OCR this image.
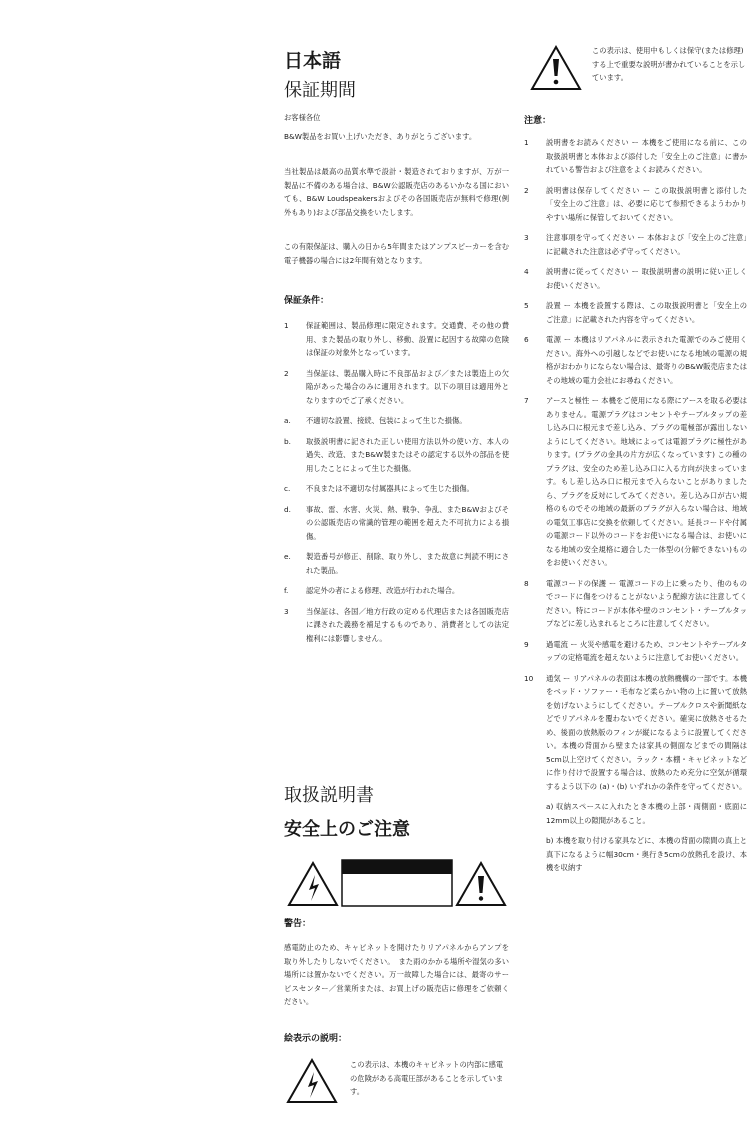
日本語
保証期間
お客様各位
B&W製品をお買い上げいただき、ありがとうございます。
当社製品は最高の品質水準で設計・製造されておりますが、万が一製品に不備のある場合は、B&W公認販売店のあるいかなる国においても、B&W Loudspeakersおよびその各国販売店が無料で修理(例外もあり)および部品交換をいたします。
この有限保証は、購入の日から5年間またはアンプスピーカーを含む電子機器の場合には2年間有効となります。
保証条件：
1	保証範囲は、製品修理に限定されます。交通費、その他の費用、また製品の取り外し、移動、設置に起因する故障の危険は保証の対象外となっています。
2	当保証は、製品購入時に不良部品および／または製造上の欠陥があった場合のみに適用されます。以下の項目は適用外となりますのでご了承ください。
a.	不適切な設置、接続、包装によって生じた損傷。
b.	取扱説明書に記された正しい使用方法以外の使い方、本人の過失、改造、またB&W製またはその認定する以外の部品を使用したことによって生じた損傷。
c.	不良または不適切な付属器具によって生じた損傷。
d.	事故、雷、水害、火災、熱、戦争、争乱、またB&Wおよびその公認販売店の常識的管理の範囲を超えた不可抗力による損傷。
e.	製造番号が修正、削除、取り外し、また故意に判読不明にされた製品。
f.	認定外の者による修理、改造が行われた場合。
3	当保証は、各国／地方行政の定める代理店または各国販売店に課された義務を補足するものであり、消費者としての法定権利には影響しません。
取扱説明書
安全上のご注意
警告：
感電防止のため、キャビネットを開けたりリアパネルからアンプを取り外したりしないでください。　また雨のかかる場所や湿気の多い場所には置かないでください。万一故障した場合には、最寄のサービスセンター／営業所または、お買上げの販売店に修理をご依頼ください。
絵表示の説明：
この表示は、本機のキャビネットの内部に感電の危険がある高電圧部があることを示しています。
この表示は、使用中もしくは保守(または修理)する上で重要な説明が書かれていることを示しています。
注意：
1	説明書をお読みください ー 本機をご使用になる前に、この取扱説明書と本体および添付した「安全上のご注意」に書かれている警告および注意をよくお読みください。
2	説明書は保存してください ー この取扱説明書と添付した「安全上のご注意」は、必要に応じて参照できるようわかりやすい場所に保管しておいてください。
3	注意事項を守ってください ー 本体および「安全上のご注意」に記載された注意は必ず守ってください。
4	説明書に従ってください ー 取扱説明書の説明に従い正しくお使いください。
5	設置 ー 本機を設置する際は、この取扱説明書と「安全上のご注意」に記載された内容を守ってください。
6	電源 ー 本機はリアパネルに表示された電源でのみご使用ください。海外への引越しなどでお使いになる地域の電源の規格がおわかりにならない場合は、最寄りのB&W販売店またはその地域の電力会社にお尋ねください。
7	アースと極性 ー 本機をご使用になる際にアースを取る必要はありません。電源プラグはコンセントやテーブルタップの差し込み口に根元まで差し込み、プラグの電極部が露出しないようにしてください。地域によっては電源プラグに極性があります。(プラグの金具の片方が広くなっています) この種のプラグは、安全のため差し込み口に入る方向が決まっています。もし差し込み口に根元まで入らないことがありましたら、プラグを反対にしてみてください。差し込み口が古い規格のものでその地域の最新のプラグが入らない場合は、地域の電気工事店に交換を依頼してください。延長コードや付属の電源コード以外のコードをお使いになる場合は、お使いになる地域の安全規格に適合した一体型の(分解できない)ものをお使いください。
8	電源コードの保護 ー 電源コードの上に乗ったり、他のものでコードに傷をつけることがないよう配線方法に注意してください。特にコードが本体や壁のコンセント・テーブルタップなどに差し込まれるところに注意してください。
9	過電流 ー 火災や感電を避けるため、コンセントやテーブルタップの定格電流を超えないように注意してお使いください。
10	通気 ー リアパネルの表面は本機の放熱機構の一部です。本機をベッド・ソファー・毛布など柔らかい物の上に置いて放熱を妨げないようにしてください。テーブルクロスや新聞紙などでリアパネルを覆わないでください。確実に放熱させるため、後面の放熱版のフィンが縦になるように設置してください。本機の背面から壁または家具の側面などまでの間隔は5cm以上空けてください。ラック・本棚・キャビネットなどに作り付けで設置する場合は、放熱のため充分に空気が循環するよう以下の (a)・(b) いずれかの条件を守ってください。
a) 収納スペースに入れたとき本機の上部・両側面・底面に12mm以上の隙間があること。
b) 本機を取り付ける家具などに、本機の背面の隙間の真上と真下になるように幅30cm・奥行き5cmの放熱孔を設け、本機を収納す
